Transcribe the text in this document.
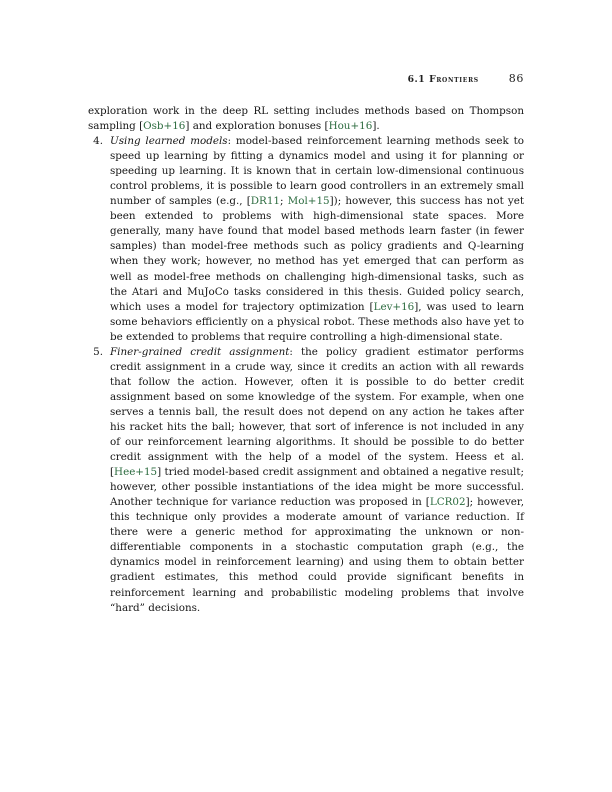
6.1 Frontiers	86

exploration work in the deep RL setting includes methods based on Thompson sampling [Osb+16] and exploration bonuses [Hou+16].

4. Using learned models: model-based reinforcement learning methods seek to speed up learning by fitting a dynamics model and using it for planning or speeding up learning. It is known that in certain low-dimensional continuous control problems, it is possible to learn good controllers in an extremely small number of samples (e.g., [DR11; Mol+15]); however, this success has not yet been extended to problems with high-dimensional state spaces. More generally, many have found that model based methods learn faster (in fewer samples) than model-free methods such as policy gradients and Q-learning when they work; however, no method has yet emerged that can perform as well as model-free methods on challenging high-dimensional tasks, such as the Atari and MuJoCo tasks considered in this thesis. Guided policy search, which uses a model for trajectory optimization [Lev+16], was used to learn some behaviors efficiently on a physical robot. These methods also have yet to be extended to problems that require controlling a high-dimensional state.
5. Finer-grained credit assignment: the policy gradient estimator performs credit assignment in a crude way, since it credits an action with all rewards that follow the action. However, often it is possible to do better credit assignment based on some knowledge of the system. For example, when one serves a tennis ball, the result does not depend on any action he takes after his racket hits the ball; however, that sort of inference is not included in any of our reinforcement learning algorithms. It should be possible to do better credit assignment with the help of a model of the system. Heess et al. [Hee+15] tried model-based credit assignment and obtained a negative result; however, other possible instantiations of the idea might be more successful. Another technique for variance reduction was proposed in [LCR02]; however, this technique only provides a moderate amount of variance reduction. If there were a generic method for approximating the unknown or non-differentiable components in a stochastic computation graph (e.g., the dynamics model in reinforcement learning) and using them to obtain better gradient estimates, this method could provide significant benefits in reinforcement learning and probabilistic modeling problems that involve “hard” decisions.
